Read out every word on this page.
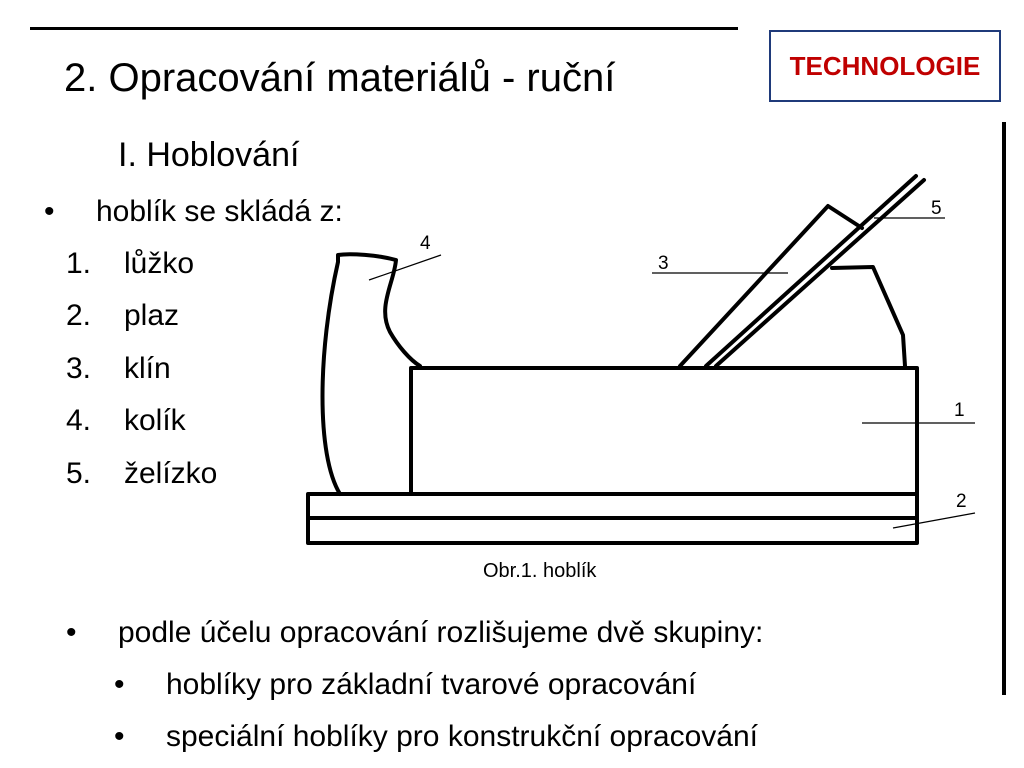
TECHNOLOGIE
2. Opracování materiálů - ruční
I. Hoblování
• hoblík se skládá z:
1. lůžko
2. plaz
3. klín
4. kolík
5. želízko
1
2
3
4
5
Obr.1. hoblík
• podle účelu opracování rozlišujeme dvě skupiny:
• hoblíky pro základní tvarové opracování
• speciální hoblíky pro konstrukční opracování
